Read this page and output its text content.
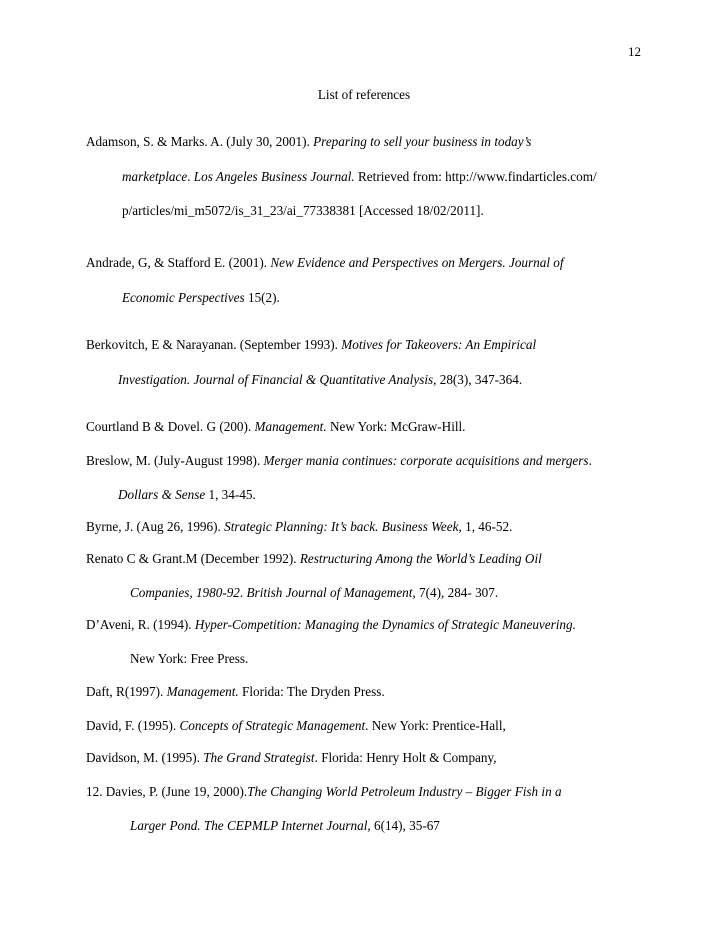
12
List of references
Adamson, S. & Marks. A. (July 30, 2001). Preparing to sell your business in today’s
marketplace. Los Angeles Business Journal. Retrieved from: http://www.findarticles.com/
p/articles/mi_m5072/is_31_23/ai_77338381 [Accessed 18/02/2011].
Andrade, G, & Stafford E. (2001). New Evidence and Perspectives on Mergers. Journal of
Economic Perspectives 15(2).
Berkovitch, E & Narayanan. (September 1993). Motives for Takeovers: An Empirical
Investigation. Journal of Financial & Quantitative Analysis, 28(3), 347-364.
Courtland B & Dovel. G (200). Management. New York: McGraw-Hill.
Breslow, M. (July-August 1998). Merger mania continues: corporate acquisitions and mergers.
Dollars & Sense 1, 34-45.
Byrne, J. (Aug 26, 1996). Strategic Planning: It’s back. Business Week, 1, 46-52.
Renato C & Grant.M (December 1992). Restructuring Among the World’s Leading Oil
Companies, 1980-92. British Journal of Management, 7(4), 284- 307.
D’Aveni, R. (1994). Hyper-Competition: Managing the Dynamics of Strategic Maneuvering.
New York: Free Press.
Daft, R(1997). Management. Florida: The Dryden Press.
David, F. (1995). Concepts of Strategic Management. New York: Prentice-Hall,
Davidson, M. (1995). The Grand Strategist. Florida: Henry Holt & Company,
12. Davies, P. (June 19, 2000).The Changing World Petroleum Industry – Bigger Fish in a
Larger Pond. The CEPMLP Internet Journal, 6(14), 35-67
